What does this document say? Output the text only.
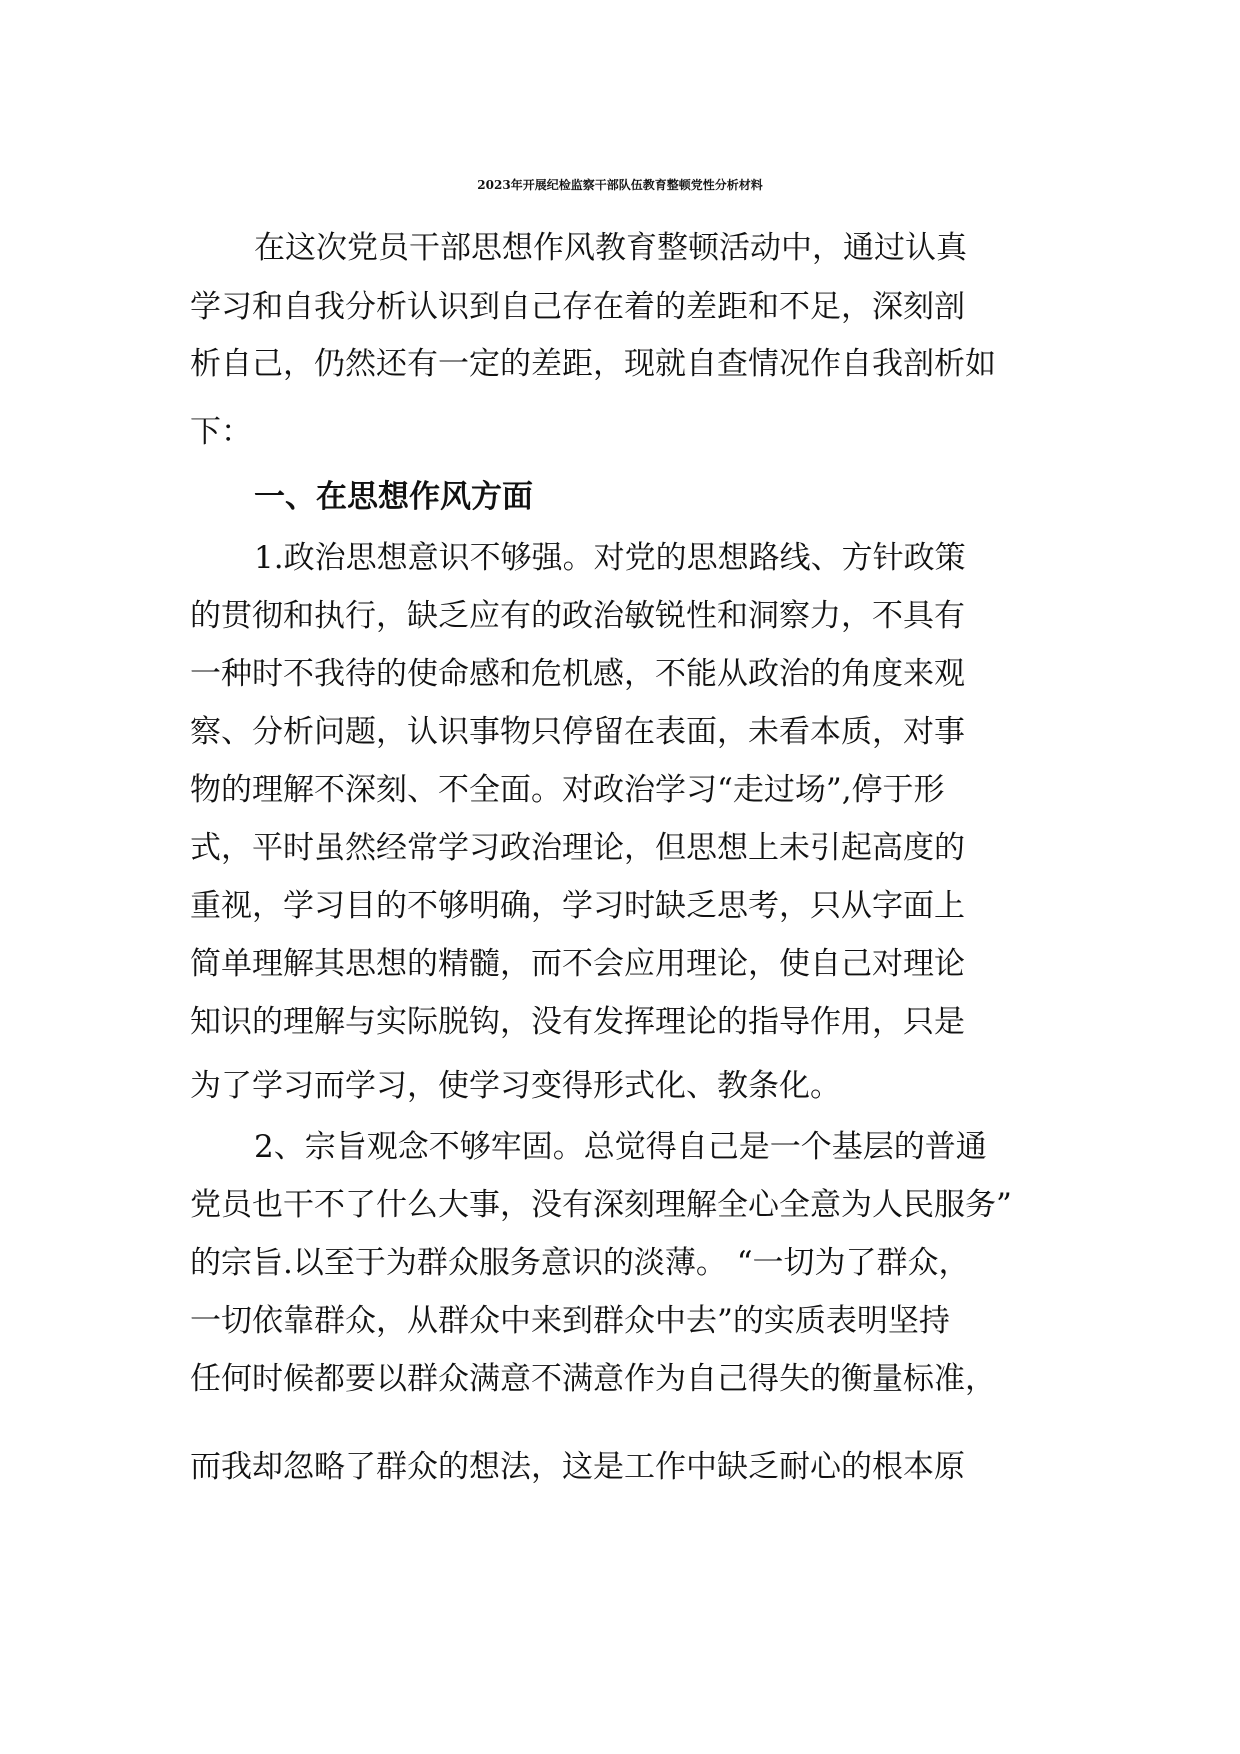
2023年开展纪检监察干部队伍教育整顿党性分析材料
在这次党员干部思想作风教育整顿活动中，通过认真
学习和自我分析认识到自己存在着的差距和不足，深刻剖
析自己，仍然还有一定的差距，现就自查情况作自我剖析如
下：
一、在思想作风方面
1.政治思想意识不够强。对党的思想路线、方针政策
的贯彻和执行，缺乏应有的政治敏锐性和洞察力，不具有
一种时不我待的使命感和危机感，不能从政治的角度来观
察、分析问题，认识事物只停留在表面，未看本质，对事
物的理解不深刻、不全面。对政治学习“走过场”,停于形
式，平时虽然经常学习政治理论，但思想上未引起高度的
重视，学习目的不够明确，学习时缺乏思考，只从字面上
简单理解其思想的精髓，而不会应用理论，使自己对理论
知识的理解与实际脱钩，没有发挥理论的指导作用，只是
为了学习而学习，使学习变得形式化、教条化。
2、宗旨观念不够牢固。总觉得自己是一个基层的普通
党员也干不了什么大事，没有深刻理解全心全意为人民服务”
的宗旨.以至于为群众服务意识的淡薄。 “一切为了群众，
一切依靠群众，从群众中来到群众中去”的实质表明坚持
任何时候都要以群众满意不满意作为自己得失的衡量标准，
而我却忽略了群众的想法，这是工作中缺乏耐心的根本原
